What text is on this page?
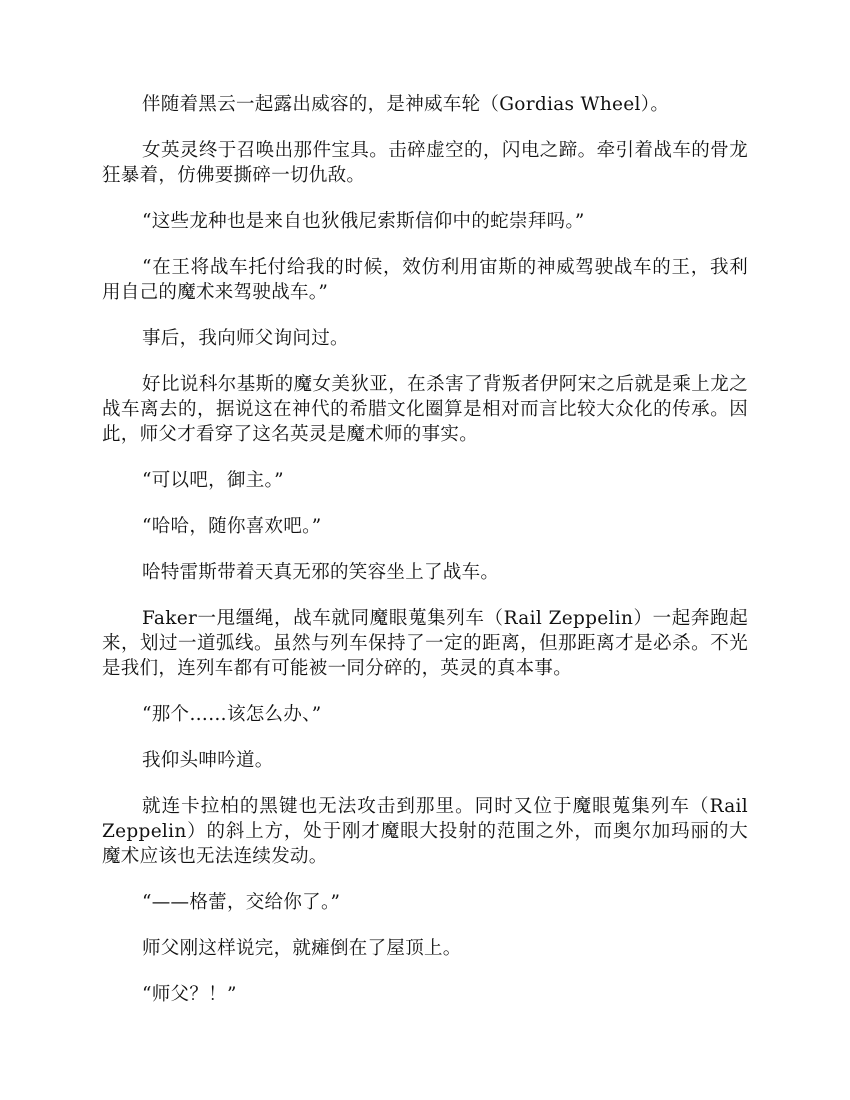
伴随着黑云一起露出威容的，是神威车轮（Gordias Wheel）。

女英灵终于召唤出那件宝具。击碎虚空的，闪电之蹄。牵引着战车的骨龙狂暴着，仿佛要撕碎一切仇敌。

“这些龙种也是来自也狄俄尼索斯信仰中的蛇崇拜吗。”

“在王将战车托付给我的时候，效仿利用宙斯的神威驾驶战车的王，我利用自己的魔术来驾驶战车。”

事后，我向师父询问过。

好比说科尔基斯的魔女美狄亚，在杀害了背叛者伊阿宋之后就是乘上龙之战车离去的，据说这在神代的希腊文化圈算是相对而言比较大众化的传承。因此，师父才看穿了这名英灵是魔术师的事实。

“可以吧，御主。”

“哈哈，随你喜欢吧。”

哈特雷斯带着天真无邪的笑容坐上了战车。

Faker一甩缰绳，战车就同魔眼蒐集列车（Rail Zeppelin）一起奔跑起来，划过一道弧线。虽然与列车保持了一定的距离，但那距离才是必杀。不光是我们，连列车都有可能被一同分碎的，英灵的真本事。

“那个……该怎么办、”

我仰头呻吟道。

就连卡拉柏的黑键也无法攻击到那里。同时又位于魔眼蒐集列车（Rail Zeppelin）的斜上方，处于刚才魔眼大投射的范围之外，而奥尔加玛丽的大魔术应该也无法连续发动。

“——格蕾，交给你了。”

师父刚这样说完，就瘫倒在了屋顶上。

“师父？！”
